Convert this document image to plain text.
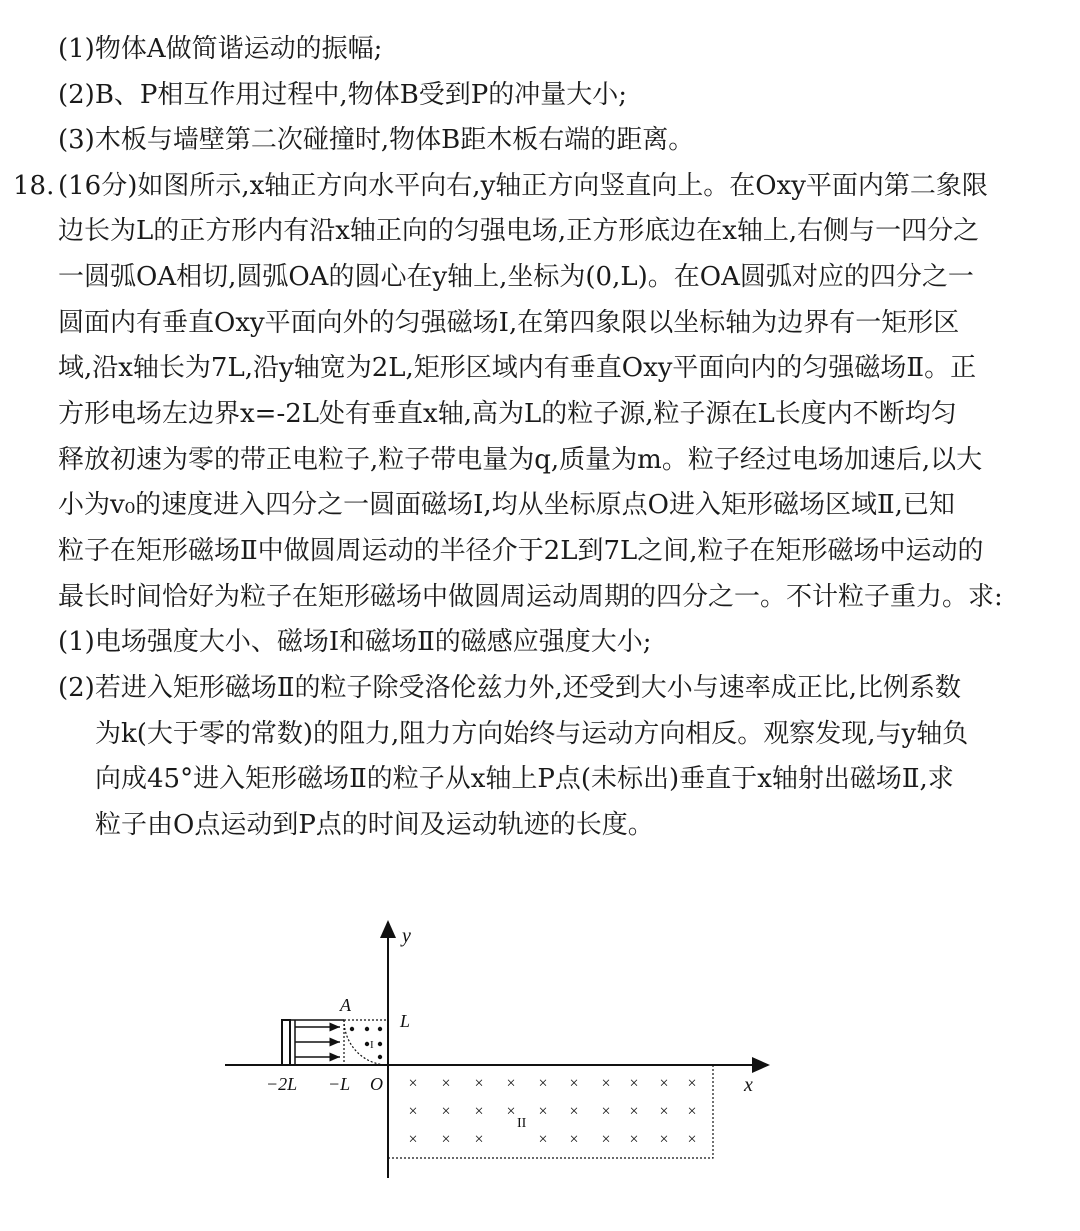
(1)物体A做简谐运动的振幅;
(2)B、P相互作用过程中,物体B受到P的冲量大小;
(3)木板与墙壁第二次碰撞时,物体B距木板右端的距离。
18. (16分)如图所示,x轴正方向水平向右,y轴正方向竖直向上。在Oxy平面内第二象限
边长为L的正方形内有沿x轴正向的匀强电场,正方形底边在x轴上,右侧与一四分之
一圆弧OA相切,圆弧OA的圆心在y轴上,坐标为(0,L)。在OA圆弧对应的四分之一
圆面内有垂直Oxy平面向外的匀强磁场Ⅰ,在第四象限以坐标轴为边界有一矩形区
域,沿x轴长为7L,沿y轴宽为2L,矩形区域内有垂直Oxy平面向内的匀强磁场Ⅱ。正
方形电场左边界x=-2L处有垂直x轴,高为L的粒子源,粒子源在L长度内不断均匀
释放初速为零的带正电粒子,粒子带电量为q,质量为m。粒子经过电场加速后,以大
小为v₀的速度进入四分之一圆面磁场Ⅰ,均从坐标原点O进入矩形磁场区域Ⅱ,已知
粒子在矩形磁场Ⅱ中做圆周运动的半径介于2L到7L之间,粒子在矩形磁场中运动的
最长时间恰好为粒子在矩形磁场中做圆周运动周期的四分之一。不计粒子重力。求:
(1)电场强度大小、磁场Ⅰ和磁场Ⅱ的磁感应强度大小;
(2)若进入矩形磁场Ⅱ的粒子除受洛伦兹力外,还受到大小与速率成正比,比例系数
为k(大于零的常数)的阻力,阻力方向始终与运动方向相反。观察发现,与y轴负
向成45°进入矩形磁场Ⅱ的粒子从x轴上P点(未标出)垂直于x轴射出磁场Ⅱ,求
粒子由O点运动到P点的时间及运动轨迹的长度。
y
x
A
L
O
−2L −L
I
II
× × × × × × × × × ×
× × × × × × × × × ×
× × ×	× × × × × ×
